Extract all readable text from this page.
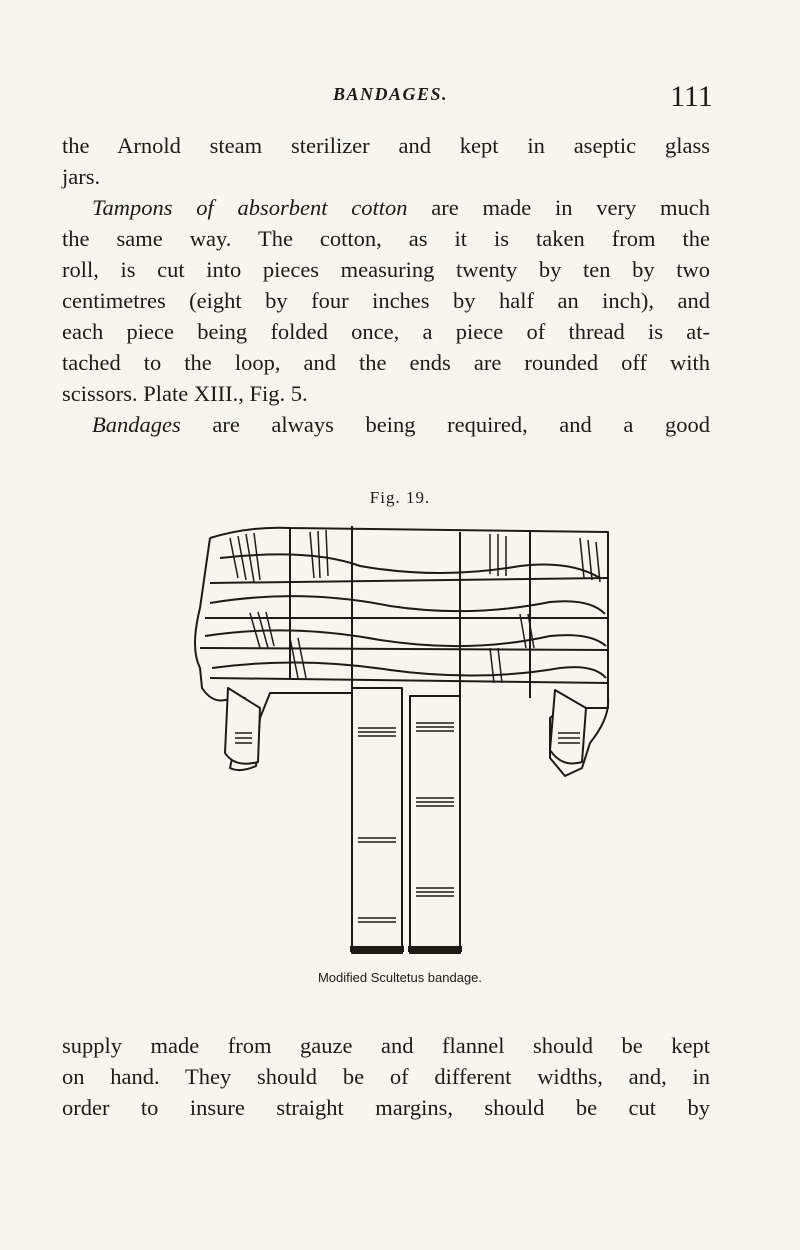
BANDAGES.	111
the Arnold steam sterilizer and kept in aseptic glass
jars.
Tampons of absorbent cotton are made in very much
the same way. The cotton, as it is taken from the
roll, is cut into pieces measuring twenty by ten by two
centimetres (eight by four inches by half an inch), and
each piece being folded once, a piece of thread is at-
tached to the loop, and the ends are rounded off with
scissors. Plate XIII., Fig. 5.
Bandages are always being required, and a good
Fig. 19.
Modified Scultetus bandage.
supply made from gauze and flannel should be kept
on hand. They should be of different widths, and, in
order to insure straight margins, should be cut by
